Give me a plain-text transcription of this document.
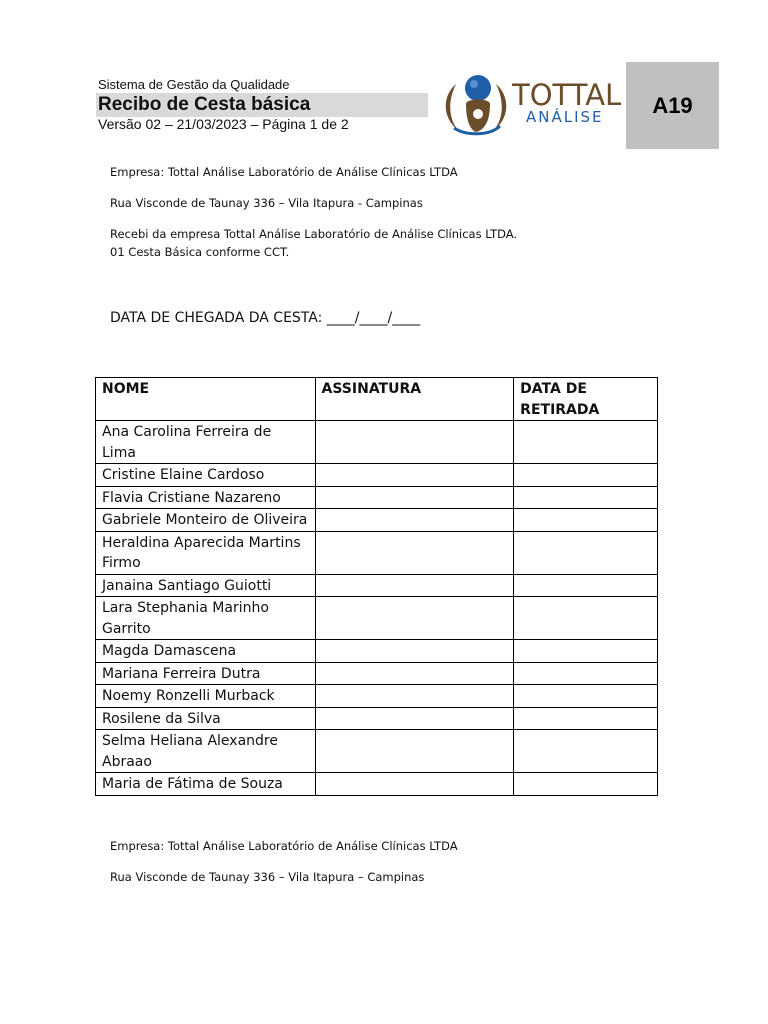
Sistema de Gestão da Qualidade
Recibo de Cesta básica
Versão 02 – 21/03/2023 – Página 1 de 2
TOTTAL
ANÁLISE A19
Empresa: Tottal Análise Laboratório de Análise Clínicas LTDA
Rua Visconde de Taunay 336 – Vila Itapura - Campinas
Recebi da empresa Tottal Análise Laboratório de Análise Clínicas LTDA.
01 Cesta Básica conforme CCT.
DATA DE CHEGADA DA CESTA: ____/____/____
NOME	ASSINATURA	DATA DE RETIRADA
Ana Carolina Ferreira de Lima		
Cristine Elaine Cardoso		
Flavia Cristiane Nazareno		
Gabriele Monteiro de Oliveira		
Heraldina Aparecida Martins Firmo		
Janaina Santiago Guiotti		
Lara Stephania Marinho Garrito		
Magda Damascena		
Mariana Ferreira Dutra		
Noemy Ronzelli Murback		
Rosilene da Silva		
Selma Heliana Alexandre Abraao		
Maria de Fátima de Souza		
Empresa: Tottal Análise Laboratório de Análise Clínicas LTDA
Rua Visconde de Taunay 336 – Vila Itapura – Campinas
